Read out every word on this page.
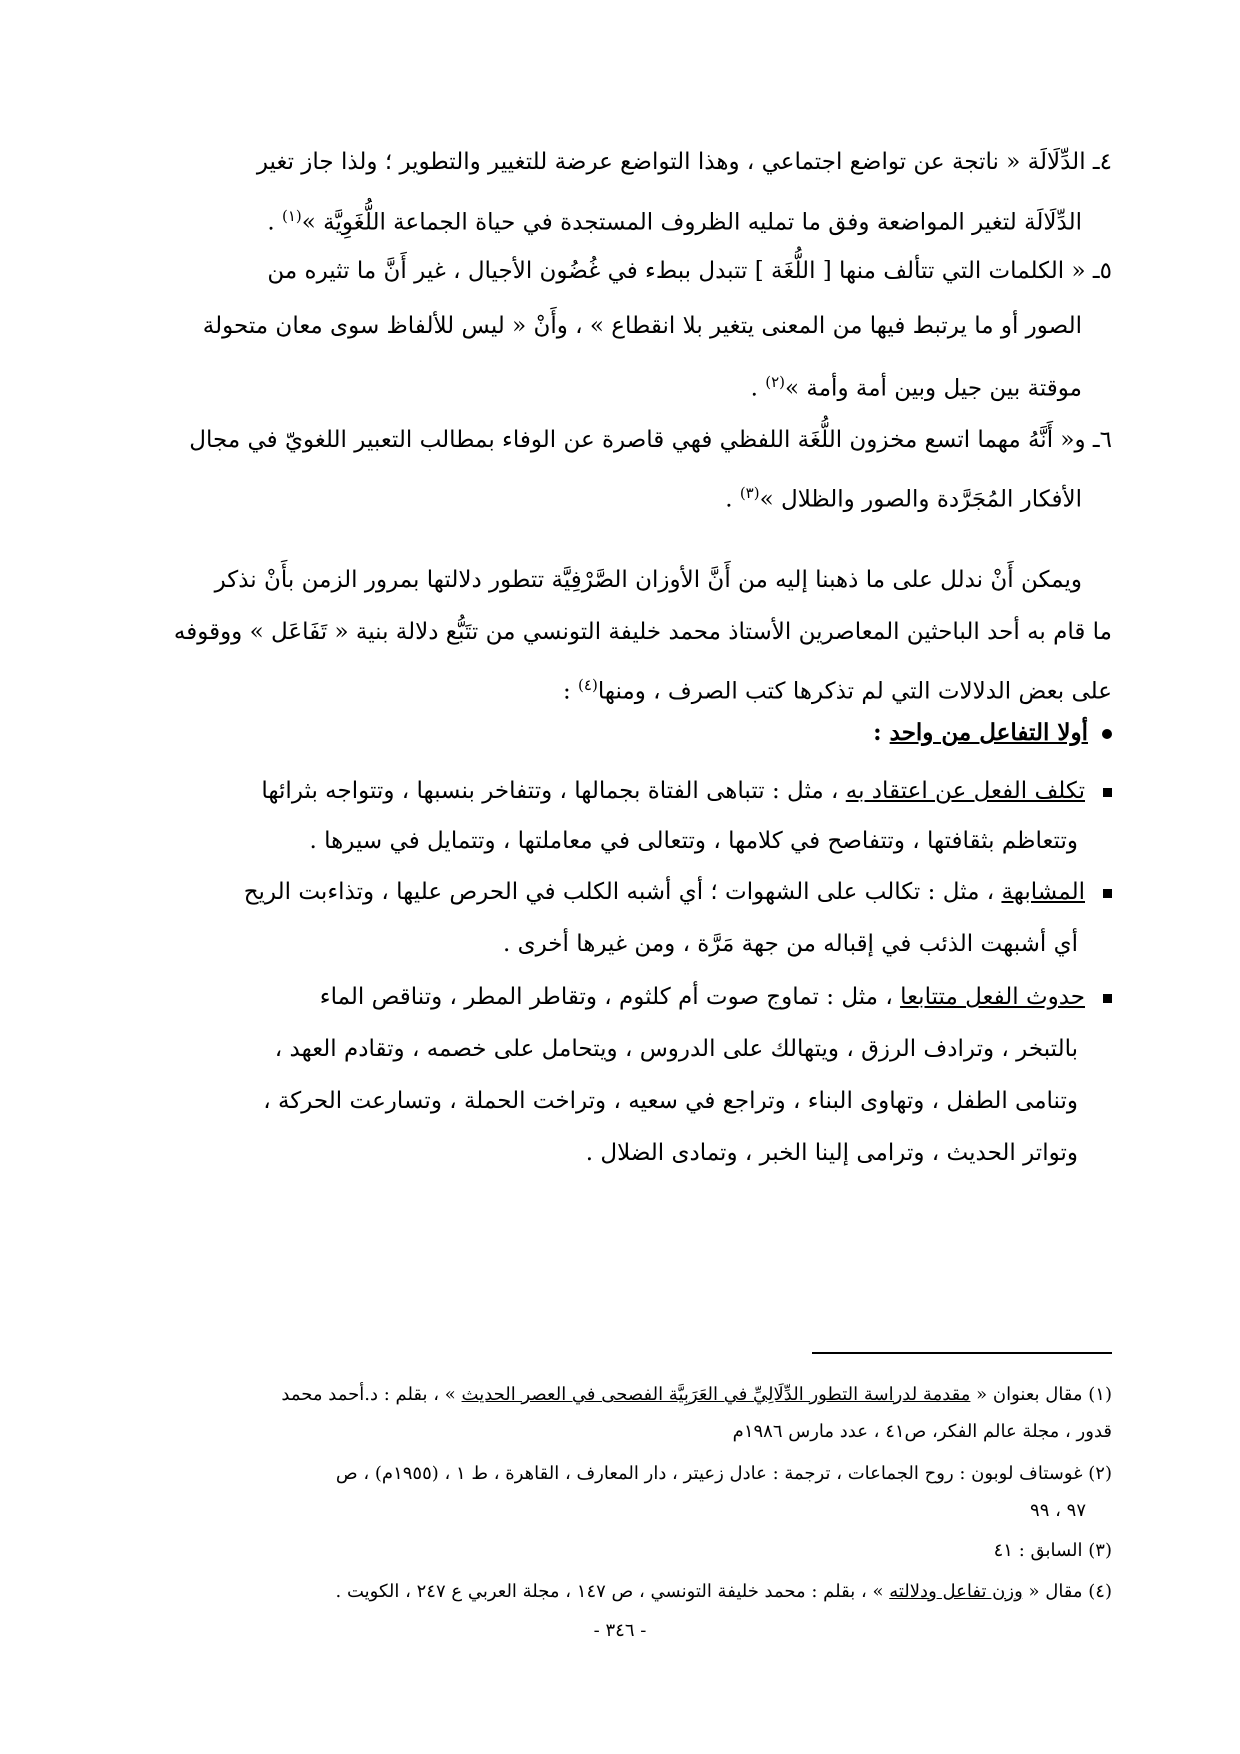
٤ـ الدِّلَالَة « ناتجة عن تواضع اجتماعي ، وهذا التواضع عرضة للتغيير والتطوير ؛ ولذا جاز تغير
الدِّلَالَة لتغير المواضعة وفق ما تمليه الظروف المستجدة في حياة الجماعة اللُّغَوِيَّة »$^{(١)}$ .
٥ـ « الكلمات التي تتألف منها [ اللُّغَة ] تتبدل ببطء في غُضُون الأجيال ، غير أَنَّ ما تثيره من
الصور أو ما يرتبط فيها من المعنى يتغير بلا انقطاع » ، وأَنْ « ليس للألفاظ سوى معان متحولة
موقتة بين جيل وبين أمة وأمة »$^{(٢)}$ .
٦ـ و« أَنَّهُ مهما اتسع مخزون اللُّغَة اللفظي فهي قاصرة عن الوفاء بمطالب التعبير اللغويّ في مجال
الأفكار المُجَرَّدة والصور والظلال »$^{(٣)}$ .
ويمكن أَنْ ندلل على ما ذهبنا إليه من أَنَّ الأوزان الصَّرْفِيَّة تتطور دلالتها بمرور الزمن بأَنْ نذكر
ما قام به أحد الباحثين المعاصرين الأستاذ محمد خليفة التونسي من تتَبُّع دلالة بنية « تَفَاعَل » ووقوفه
على بعض الدلالات التي لم تذكرها كتب الصرف ، ومنها$^{(٤)}$ :
أولا التفاعل من واحد :
تكلف الفعل عن اعتقاد به ، مثل : تتباهى الفتاة بجمالها ، وتتفاخر بنسبها ، وتتواجه بثرائها
وتتعاظم بثقافتها ، وتتفاصح في كلامها ، وتتعالى في معاملتها ، وتتمايل في سيرها .
المشابهة ، مثل : تكالب على الشهوات ؛ أي أشبه الكلب في الحرص عليها ، وتذاءبت الريح
أي أشبهت الذئب في إقباله من جهة مَرَّة ، ومن غيرها أخرى .
حدوث الفعل متتابعا ، مثل : تماوج صوت أم كلثوم ، وتقاطر المطر ، وتناقص الماء
بالتبخر ، وترادف الرزق ، ويتهالك على الدروس ، ويتحامل على خصمه ، وتقادم العهد ،
وتنامى الطفل ، وتهاوى البناء ، وتراجع في سعيه ، وتراخت الحملة ، وتسارعت الحركة ،
وتواتر الحديث ، وترامى إلينا الخبر ، وتمادى الضلال .
(١) مقال بعنوان « مقدمة لدراسة التطور الدِّلَالِيِّ في العَرَبِيَّة الفصحى في العصر الحديث » ، بقلم : د.أحمد محمد
قدور ، مجلة عالم الفكر، ص٤١ ، عدد مارس ١٩٨٦م
(٢) غوستاف لوبون : روح الجماعات ، ترجمة : عادل زعيتر ، دار المعارف ، القاهرة ، ط ١ ، (١٩٥٥م) ، ص
٩٧ ، ٩٩
(٣) السابق : ٤١
(٤) مقال « وزن تفاعل ودلالته » ، بقلم : محمد خليفة التونسي ، ص ١٤٧ ، مجلة العربي ع ٢٤٧ ، الكويت .
- ٣٤٦ -
